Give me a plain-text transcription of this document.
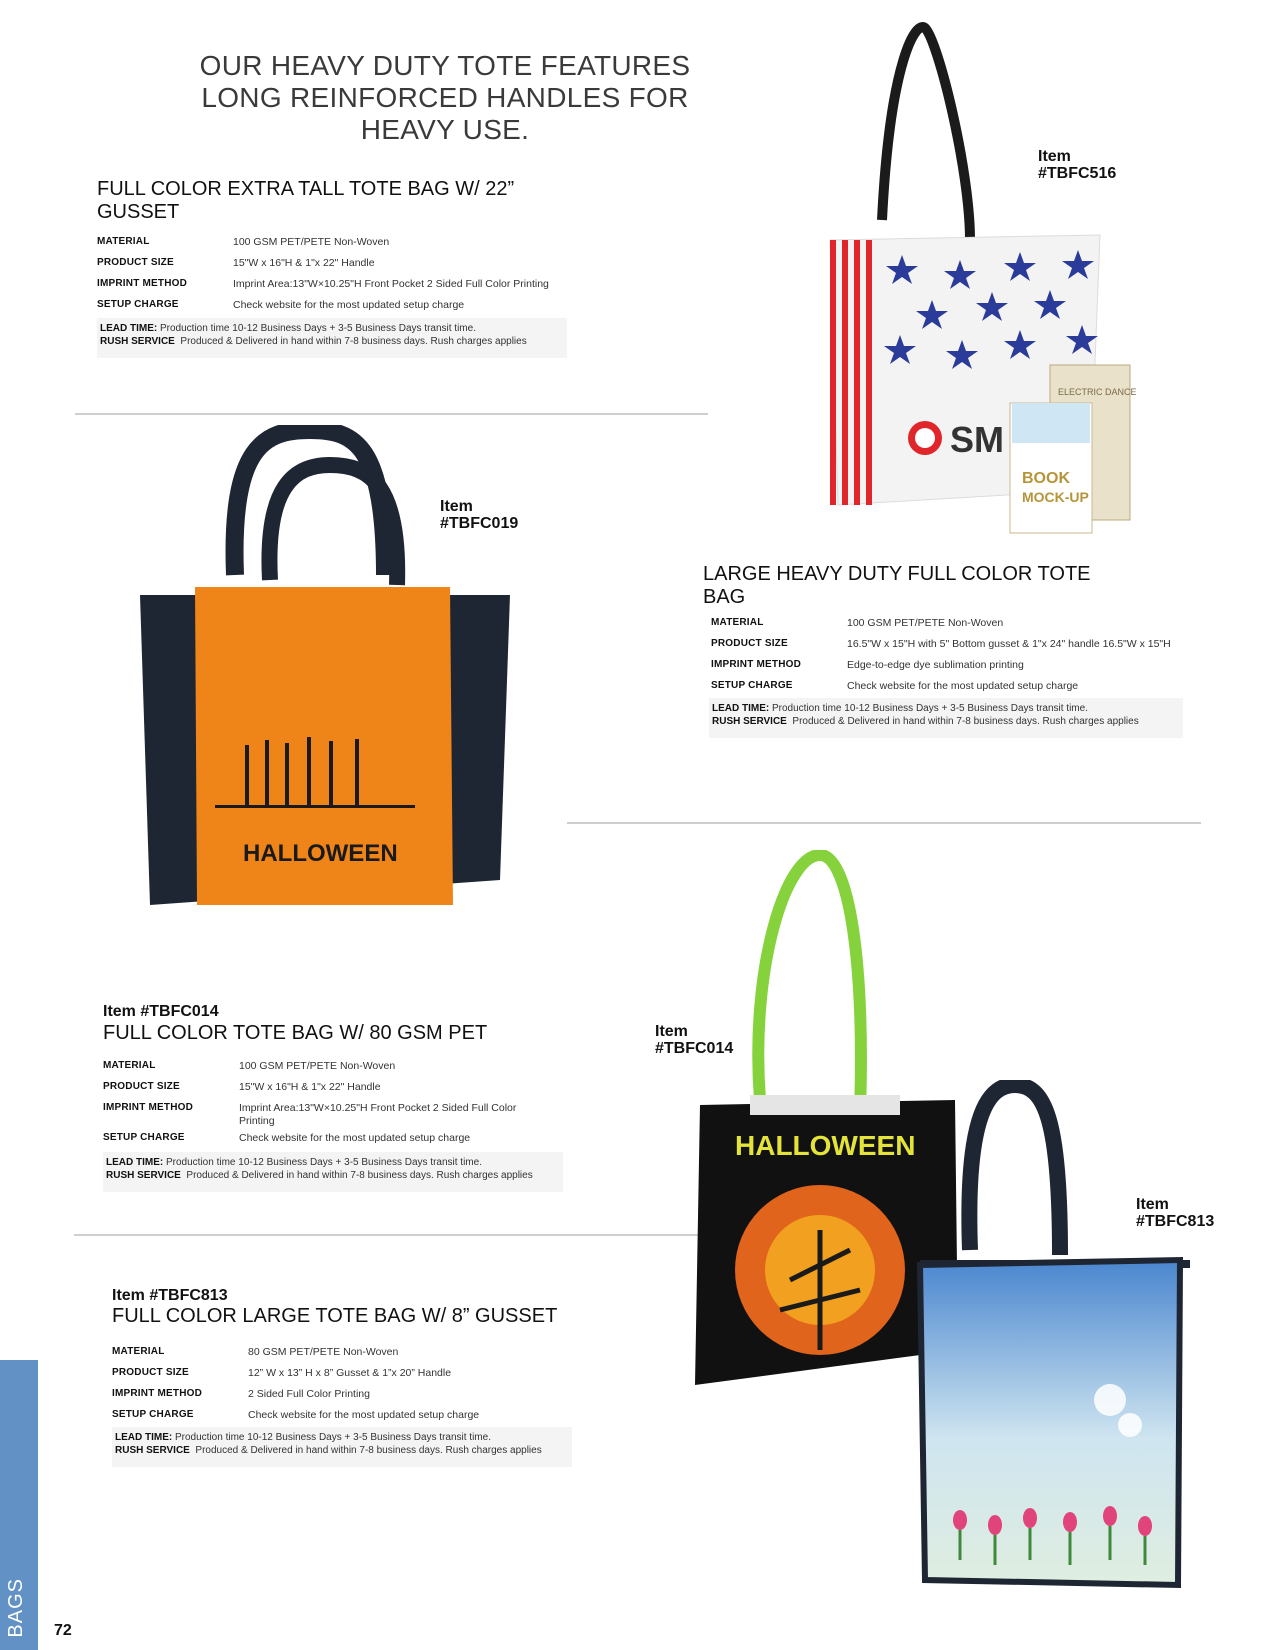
OUR HEAVY DUTY TOTE FEATURES LONG REINFORCED HANDLES FOR HEAVY USE.
FULL COLOR EXTRA TALL TOTE BAG W/ 22” GUSSET
MATERIAL	100 GSM PET/PETE Non-Woven
PRODUCT SIZE	15"W x 16"H & 1"x 22" Handle
IMPRINT METHOD	Imprint Area:13"W×10.25"H Front Pocket 2 Sided Full Color Printing
SETUP CHARGE	Check website for the most updated setup charge
LEAD TIME: Production time 10-12 Business Days + 3-5 Business Days transit time.
RUSH SERVICE Produced & Delivered in hand within 7-8 business days. Rush charges applies
SM
ELECTRIC DANCE
BOOK
MOCK-UP
Item
#TBFC516
HALLOWEEN
Item
#TBFC019
LARGE HEAVY DUTY FULL COLOR TOTE BAG
MATERIAL	100 GSM PET/PETE Non-Woven
PRODUCT SIZE	16.5"W x 15"H with 5" Bottom gusset & 1"x 24" handle 16.5"W x 15"H
IMPRINT METHOD	Edge-to-edge dye sublimation printing
SETUP CHARGE	Check website for the most updated setup charge
LEAD TIME: Production time 10-12 Business Days + 3-5 Business Days transit time.
RUSH SERVICE Produced & Delivered in hand within 7-8 business days. Rush charges applies
Item #TBFC014
FULL COLOR TOTE BAG W/ 80 GSM PET
MATERIAL	100 GSM PET/PETE Non-Woven
PRODUCT SIZE	15"W x 16"H & 1"x 22" Handle
IMPRINT METHOD	Imprint Area:13"W×10.25"H Front Pocket 2 Sided Full Color Printing
SETUP CHARGE	Check website for the most updated setup charge
LEAD TIME: Production time 10-12 Business Days + 3-5 Business Days transit time.
RUSH SERVICE Produced & Delivered in hand within 7-8 business days. Rush charges applies
Item #TBFC813
FULL COLOR LARGE TOTE BAG W/ 8” GUSSET
MATERIAL	80 GSM PET/PETE Non-Woven
PRODUCT SIZE	12” W x 13” H x 8” Gusset & 1”x 20” Handle
IMPRINT METHOD	2 Sided Full Color Printing
SETUP CHARGE	Check website for the most updated setup charge
LEAD TIME: Production time 10-12 Business Days + 3-5 Business Days transit time.
RUSH SERVICE Produced & Delivered in hand within 7-8 business days. Rush charges applies
HALLOWEEN
Item
#TBFC014
Item
#TBFC813
BAGS 72
